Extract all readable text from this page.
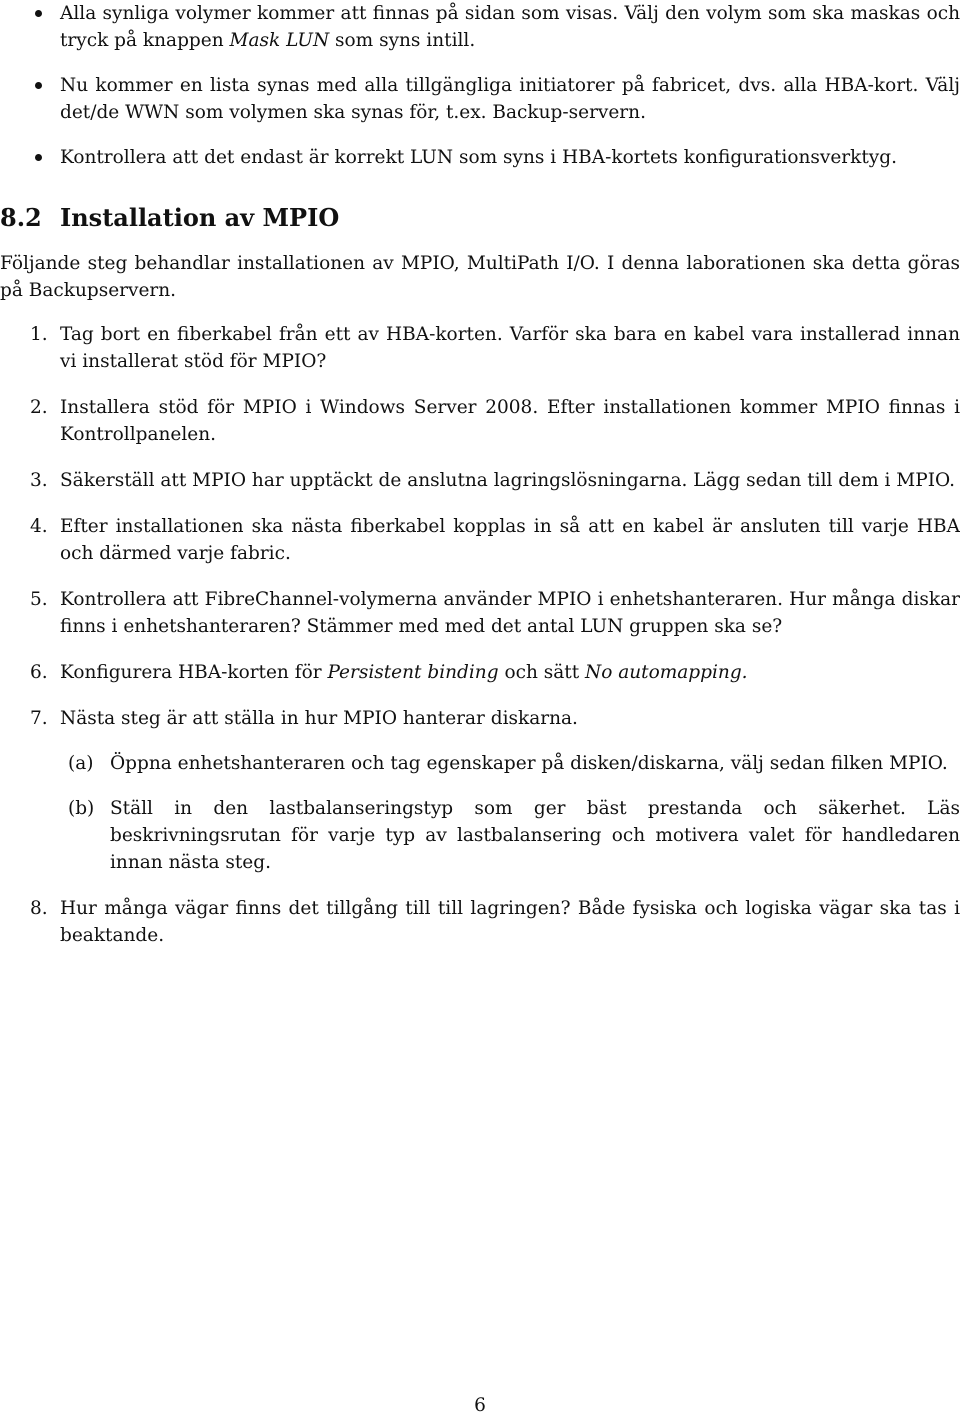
Alla synliga volymer kommer att finnas på sidan som visas. Välj den volym som ska maskas och tryck på knappen Mask LUN som syns intill.
Nu kommer en lista synas med alla tillgängliga initiatorer på fabricet, dvs. alla HBA-kort. Välj det/de WWN som volymen ska synas för, t.ex. Backup-servern.
Kontrollera att det endast är korrekt LUN som syns i HBA-kortets konfigurationsverktyg.
8.2 Installation av MPIO
Följande steg behandlar installationen av MPIO, MultiPath I/O. I denna laborationen ska detta göras på Backupservern.
1. Tag bort en fiberkabel från ett av HBA-korten. Varför ska bara en kabel vara installerad innan vi installerat stöd för MPIO?
2. Installera stöd för MPIO i Windows Server 2008. Efter installationen kommer MPIO finnas i Kontrollpanelen.
3. Säkerställ att MPIO har upptäckt de anslutna lagringslösningarna. Lägg sedan till dem i MPIO.
4. Efter installationen ska nästa fiberkabel kopplas in så att en kabel är ansluten till varje HBA och därmed varje fabric.
5. Kontrollera att FibreChannel-volymerna använder MPIO i enhetshanteraren. Hur många diskar finns i enhetshanteraren? Stämmer med med det antal LUN gruppen ska se?
6. Konfigurera HBA-korten för Persistent binding och sätt No automapping.
7. Nästa steg är att ställa in hur MPIO hanterar diskarna.
(a) Öppna enhetshanteraren och tag egenskaper på disken/diskarna, välj sedan filken MPIO.
(b) Ställ in den lastbalanseringstyp som ger bäst prestanda och säkerhet. Läs beskrivningsrutan för varje typ av lastbalansering och motivera valet för handledaren innan nästa steg.
8. Hur många vägar finns det tillgång till till lagringen? Både fysiska och logiska vägar ska tas i beaktande.
6
